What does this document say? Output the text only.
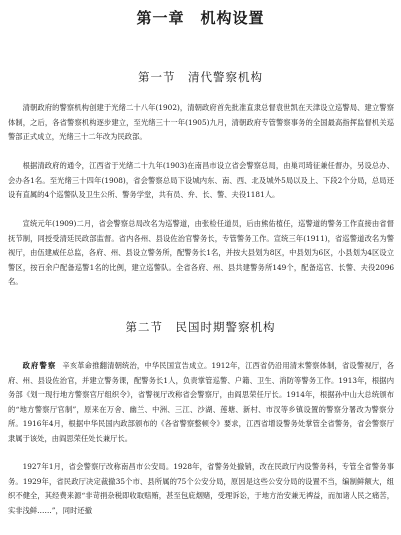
第一章　机构设置
第一节　清代警察机构

清朝政府的警察机构创建于光绪二十八年(1902)，清朝政府首先批准直隶总督袁世凯在天津设立巡警局、建立警察体制，之后，各省警察机构逐步建立，至光绪三十一年(1905)九月，清朝政府专管警察事务的全国最高指挥监督机关巡警部正式成立，光绪三十二年改为民政部。

根据清政府的通令，江西省于光绪二十九年(1903)在南昌市设立省会警察总局，由巢司琦征兼任督办，另设总办、会办各1名。至光绪三十四年(1908)，省会警察总局下设城内东、南、西、北及城外5局以及上、下段2个分局，总局还设有直属的4个巡警队及卫生公所、警务学堂，共有员、弁、长、警、夫役1181人。

宣统元年(1909)二月，省会警察总局改名为巡警道，由张检任道员，后由熊佑植任，巡警道的警务工作直接由省督抚节制，同授受清廷民政部监督。省内各州、县设佐治官警务长，专管警务工作。宣统三年(1911)，省巡警道改名为警视厅，由伍建威任总监，各府、州、县设立警务所，配警务长1名，并按大县划为8区，中县划为6区，小县划为4区设立警区，按百余户配备巡警1名的比例，建立巡警队。全省各府、州、县共建警务所149个，配备巡官、长警、夫役2096名。

第二节　民国时期警察机构

政府警察 辛亥革命推翻清朝统治，中华民国宣告成立。1912年，江西省仍沿用清末警察体制，省设警视厅，各府、州、县设佐治官，并建立警务课，配警务长1人，负责掌管巡警、户籍、卫生、消防等警务工作。1913年，根据内务部《划一现行地方警察官厅组织令》，省警视厅改称省会警察厅，由阎思荣任厅长。1914年，根据孙中山大总统颁布的“地方警察厅官制”，原来在万舍、幽兰、中洲、三江、沙湖、莲塘、新村、市汊等乡镇设置的警察分署改为警察分所。1916年4月，根据中华民国内政部颁布的《各省警察整顿令》要求，江西省增设警务处掌管全省警务，省会警察厅隶属于该处，由阎思荣任处长兼厅长。

1927年1月，省会警察厅改称南昌市公安局。1928年，省警务处撤销，改在民政厅内设警务科，专管全省警务事务。1929年，省民政厅决定裁撤35个市、县所属的75个公安分局，原因是这些公安分局的设置不当，编制鲜额大，组织不健全，其经费来源“非苛捐杂税即收取赔贿，甚至包庇烟赌，受理诉讼，于地方治安兼无裨益，而加诸人民之痛苦，实非浅鲜……”，同时还撤
